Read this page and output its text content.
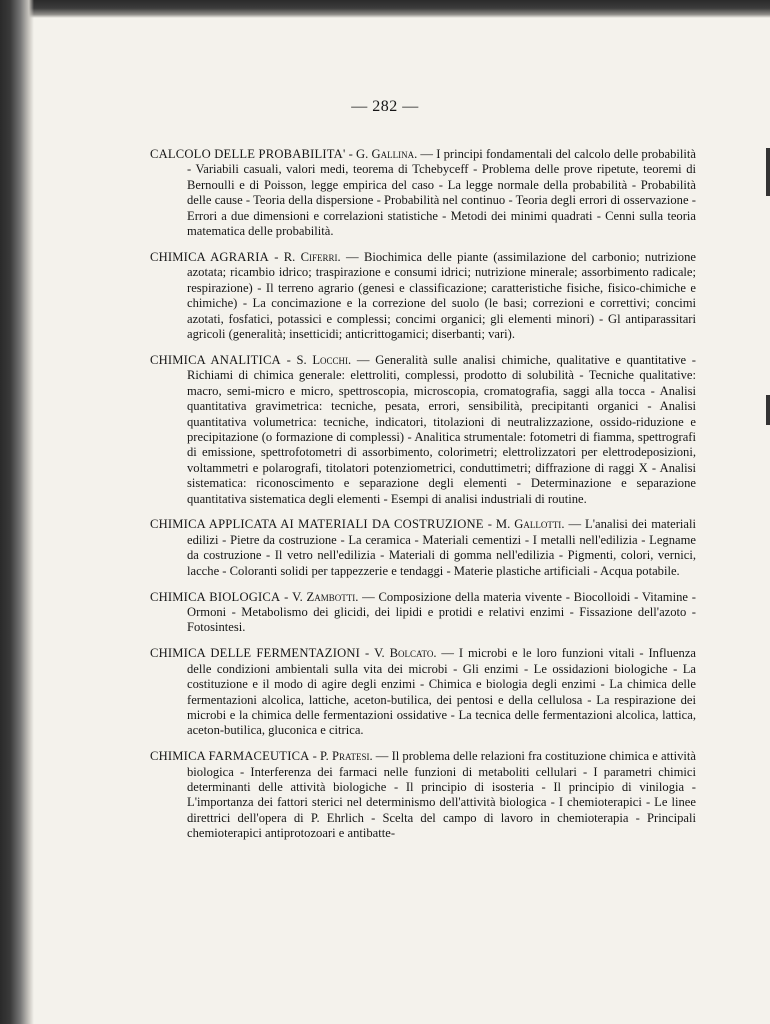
— 282 —

CALCOLO DELLE PROBABILITA' - G. Gallina. — I principi fondamentali del calcolo delle probabilità - Variabili casuali, valori medi, teorema di Tchebyceff - Problema delle prove ripetute, teoremi di Bernoulli e di Poisson, legge empirica del caso - La legge normale della probabilità - Probabilità delle cause - Teoria della dispersione - Probabilità nel continuo - Teoria degli errori di osservazione - Errori a due dimensioni e correlazioni statistiche - Metodi dei minimi quadrati - Cenni sulla teoria matematica delle probabilità.

CHIMICA AGRARIA - R. Ciferri. — Biochimica delle piante (assimilazione del carbonio; nutrizione azotata; ricambio idrico; traspirazione e consumi idrici; nutrizione minerale; assorbimento radicale; respirazione) - Il terreno agrario (genesi e classificazione; caratteristiche fisiche, fisico-chimiche e chimiche) - La concimazione e la correzione del suolo (le basi; correzioni e correttivi; concimi azotati, fosfatici, potassici e complessi; concimi organici; gli elementi minori) - Gl antiparassitari agricoli (generalità; insetticidi; anticrittogamici; diserbanti; vari).

CHIMICA ANALITICA - S. Locchi. — Generalità sulle analisi chimiche, qualitative e quantitative - Richiami di chimica generale: elettroliti, complessi, prodotto di solubilità - Tecniche qualitative: macro, semi-micro e micro, spettroscopia, microscopia, cromatografia, saggi alla tocca - Analisi quantitativa gravimetrica: tecniche, pesata, errori, sensibilità, precipitanti organici - Analisi quantitativa volumetrica: tecniche, indicatori, titolazioni di neutralizzazione, ossido-riduzione e precipitazione (o formazione di complessi) - Analitica strumentale: fotometri di fiamma, spettrografi di emissione, spettrofotometri di assorbimento, colorimetri; elettrolizzatori per elettrodeposizioni, voltammetri e polarografi, titolatori potenziometrici, conduttimetri; diffrazione di raggi X - Analisi sistematica: riconoscimento e separazione degli elementi - Determinazione e separazione quantitativa sistematica degli elementi - Esempi di analisi industriali di routine.

CHIMICA APPLICATA AI MATERIALI DA COSTRUZIONE - M. Gallotti. — L'analisi dei materiali edilizi - Pietre da costruzione - La ceramica - Materiali cementizi - I metalli nell'edilizia - Legname da costruzione - Il vetro nell'edilizia - Materiali di gomma nell'edilizia - Pigmenti, colori, vernici, lacche - Coloranti solidi per tappezzerie e tendaggi - Materie plastiche artificiali - Acqua potabile.

CHIMICA BIOLOGICA - V. Zambotti. — Composizione della materia vivente - Biocolloidi - Vitamine - Ormoni - Metabolismo dei glicidi, dei lipidi e protidi e relativi enzimi - Fissazione dell'azoto - Fotosintesi.

CHIMICA DELLE FERMENTAZIONI - V. Bolcato. — I microbi e le loro funzioni vitali - Influenza delle condizioni ambientali sulla vita dei microbi - Gli enzimi - Le ossidazioni biologiche - La costituzione e il modo di agire degli enzimi - Chimica e biologia degli enzimi - La chimica delle fermentazioni alcolica, lattiche, aceton-butilica, dei pentosi e della cellulosa - La respirazione dei microbi e la chimica delle fermentazioni ossidative - La tecnica delle fermentazioni alcolica, lattica, aceton-butilica, gluconica e citrica.

CHIMICA FARMACEUTICA - P. Pratesi. — Il problema delle relazioni fra costituzione chimica e attività biologica - Interferenza dei farmaci nelle funzioni di metaboliti cellulari - I parametri chimici determinanti delle attività biologiche - Il principio di isosteria - Il principio di vinilogia - L'importanza dei fattori sterici nel determinismo dell'attività biologica - I chemioterapici - Le linee direttrici dell'opera di P. Ehrlich - Scelta del campo di lavoro in chemioterapia - Principali chemioterapici antiprotozoari e antibatte-
